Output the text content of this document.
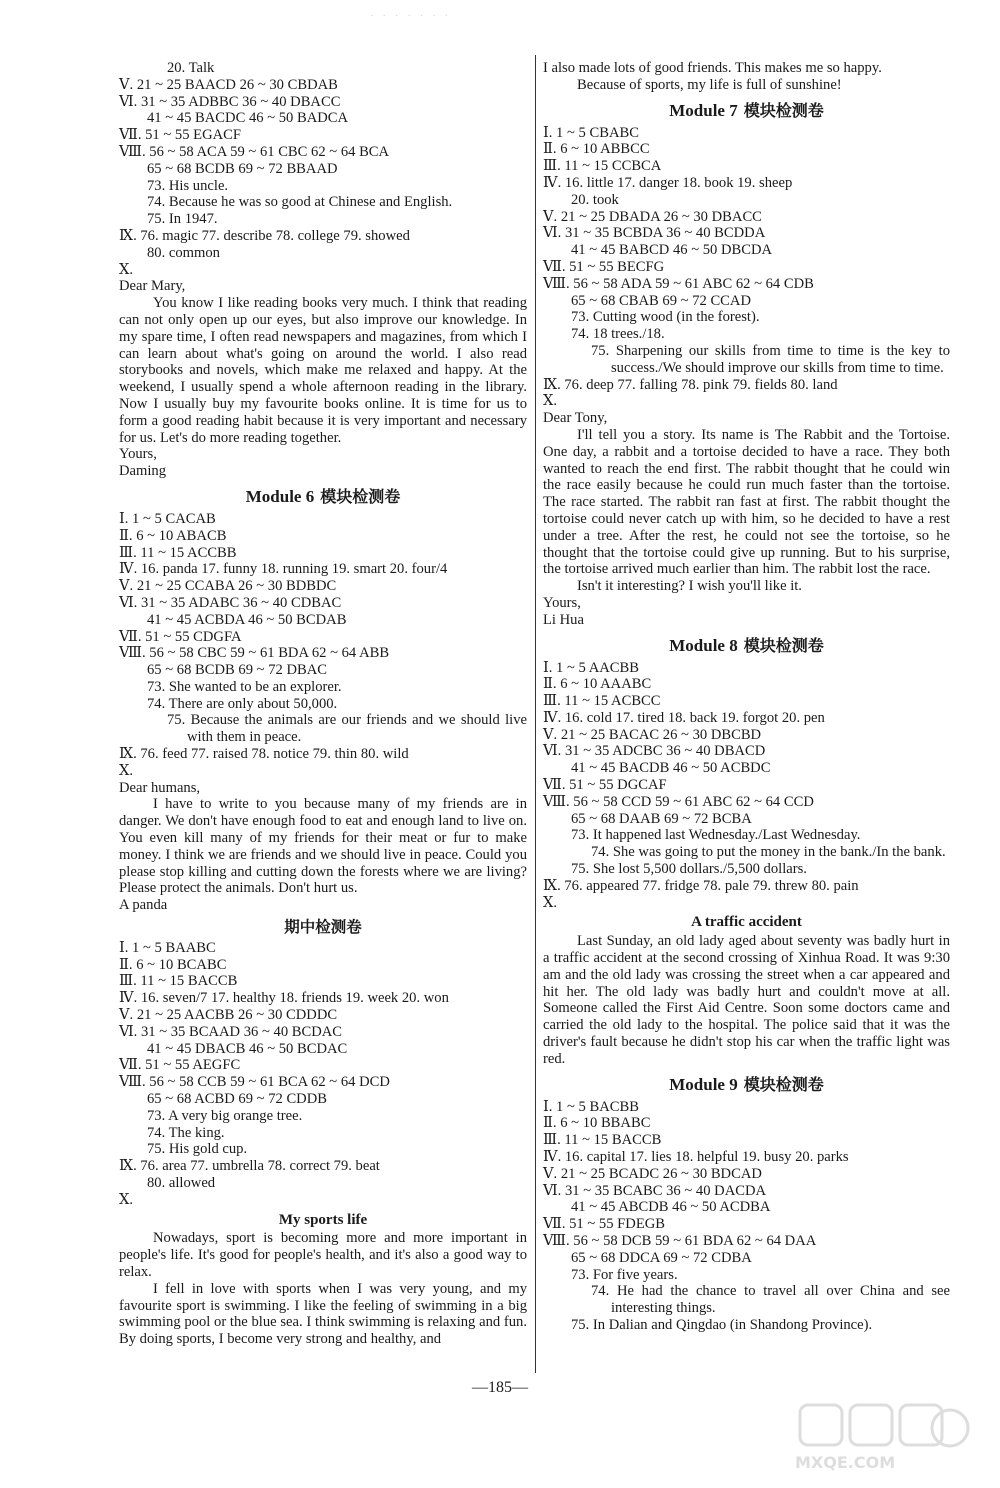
· · · · · · ·
20. Talk
Ⅴ. 21 ~ 25 BAACD 26 ~ 30 CBDAB
Ⅵ. 31 ~ 35 ADBBC 36 ~ 40 DBACC
41 ~ 45 BACDC 46 ~ 50 BADCA
Ⅶ. 51 ~ 55 EGACF
Ⅷ. 56 ~ 58 ACA 59 ~ 61 CBC 62 ~ 64 BCA
65 ~ 68 BCDB 69 ~ 72 BBAAD
73. His uncle.
74. Because he was so good at Chinese and English.
75. In 1947.
Ⅸ. 76. magic 77. describe 78. college 79. showed
80. common
Ⅹ.
Dear Mary,
You know I like reading books very much. I think that reading can not only open up our eyes, but also improve our knowledge. In my spare time, I often read newspapers and magazines, from which I can learn about what's going on around the world. I also read storybooks and novels, which make me relaxed and happy. At the weekend, I usually spend a whole afternoon reading in the library. Now I usually buy my favourite books online. It is time for us to form a good reading habit because it is very important and necessary for us. Let's do more reading together.
Yours,
Daming
Module 6 模块检测卷
Ⅰ. 1 ~ 5 CACAB
Ⅱ. 6 ~ 10 ABACB
Ⅲ. 11 ~ 15 ACCBB
Ⅳ. 16. panda 17. funny 18. running 19. smart 20. four/4
Ⅴ. 21 ~ 25 CCABA 26 ~ 30 BDBDC
Ⅵ. 31 ~ 35 ADABC 36 ~ 40 CDBAC
41 ~ 45 ACBDA 46 ~ 50 BCDAB
Ⅶ. 51 ~ 55 CDGFA
Ⅷ. 56 ~ 58 CBC 59 ~ 61 BDA 62 ~ 64 ABB
65 ~ 68 BCDB 69 ~ 72 DBAC
73. She wanted to be an explorer.
74. There are only about 50,000.
75. Because the animals are our friends and we should live with them in peace.
Ⅸ. 76. feed 77. raised 78. notice 79. thin 80. wild
Ⅹ.
Dear humans,
I have to write to you because many of my friends are in danger. We don't have enough food to eat and enough land to live on. You even kill many of my friends for their meat or fur to make money. I think we are friends and we should live in peace. Could you please stop killing and cutting down the forests where we are living? Please protect the animals. Don't hurt us.
A panda
期中检测卷
Ⅰ. 1 ~ 5 BAABC
Ⅱ. 6 ~ 10 BCABC
Ⅲ. 11 ~ 15 BACCB
Ⅳ. 16. seven/7 17. healthy 18. friends 19. week 20. won
Ⅴ. 21 ~ 25 AACBB 26 ~ 30 CDDDC
Ⅵ. 31 ~ 35 BCAAD 36 ~ 40 BCDAC
41 ~ 45 DBACB 46 ~ 50 BCDAC
Ⅶ. 51 ~ 55 AEGFC
Ⅷ. 56 ~ 58 CCB 59 ~ 61 BCA 62 ~ 64 DCD
65 ~ 68 ACBD 69 ~ 72 CDDB
73. A very big orange tree.
74. The king.
75. His gold cup.
Ⅸ. 76. area 77. umbrella 78. correct 79. beat
80. allowed
Ⅹ.
My sports life
Nowadays, sport is becoming more and more important in people's life. It's good for people's health, and it's also a good way to relax.
I fell in love with sports when I was very young, and my favourite sport is swimming. I like the feeling of swimming in a big swimming pool or the blue sea. I think swimming is relaxing and fun. By doing sports, I become very strong and healthy, and
I also made lots of good friends. This makes me so happy.
Because of sports, my life is full of sunshine!
Module 7 模块检测卷
Ⅰ. 1 ~ 5 CBABC
Ⅱ. 6 ~ 10 ABBCC
Ⅲ. 11 ~ 15 CCBCA
Ⅳ. 16. little 17. danger 18. book 19. sheep
20. took
Ⅴ. 21 ~ 25 DBADA 26 ~ 30 DBACC
Ⅵ. 31 ~ 35 BCBDA 36 ~ 40 BCDDA
41 ~ 45 BABCD 46 ~ 50 DBCDA
Ⅶ. 51 ~ 55 BECFG
Ⅷ. 56 ~ 58 ADA 59 ~ 61 ABC 62 ~ 64 CDB
65 ~ 68 CBAB 69 ~ 72 CCAD
73. Cutting wood (in the forest).
74. 18 trees./18.
75. Sharpening our skills from time to time is the key to success./We should improve our skills from time to time.
Ⅸ. 76. deep 77. falling 78. pink 79. fields 80. land
Ⅹ.
Dear Tony,
I'll tell you a story. Its name is The Rabbit and the Tortoise. One day, a rabbit and a tortoise decided to have a race. They both wanted to reach the end first. The rabbit thought that he could win the race easily because he could run much faster than the tortoise. The race started. The rabbit ran fast at first. The rabbit thought the tortoise could never catch up with him, so he decided to have a rest under a tree. After the rest, he could not see the tortoise, so he thought that the tortoise could give up running. But to his surprise, the tortoise arrived much earlier than him. The rabbit lost the race.
Isn't it interesting? I wish you'll like it.
Yours,
Li Hua
Module 8 模块检测卷
Ⅰ. 1 ~ 5 AACBB
Ⅱ. 6 ~ 10 AAABC
Ⅲ. 11 ~ 15 ACBCC
Ⅳ. 16. cold 17. tired 18. back 19. forgot 20. pen
Ⅴ. 21 ~ 25 BACAC 26 ~ 30 DBCBD
Ⅵ. 31 ~ 35 ADCBC 36 ~ 40 DBACD
41 ~ 45 BACDB 46 ~ 50 ACBDC
Ⅶ. 51 ~ 55 DGCAF
Ⅷ. 56 ~ 58 CCD 59 ~ 61 ABC 62 ~ 64 CCD
65 ~ 68 DAAB 69 ~ 72 BCBA
73. It happened last Wednesday./Last Wednesday.
74. She was going to put the money in the bank./In the bank.
75. She lost 5,500 dollars./5,500 dollars.
Ⅸ. 76. appeared 77. fridge 78. pale 79. threw 80. pain
Ⅹ.
A traffic accident
Last Sunday, an old lady aged about seventy was badly hurt in a traffic accident at the second crossing of Xinhua Road. It was 9:30 am and the old lady was crossing the street when a car appeared and hit her. The old lady was badly hurt and couldn't move at all. Someone called the First Aid Centre. Soon some doctors came and carried the old lady to the hospital. The police said that it was the driver's fault because he didn't stop his car when the traffic light was red.
Module 9 模块检测卷
Ⅰ. 1 ~ 5 BACBB
Ⅱ. 6 ~ 10 BBABC
Ⅲ. 11 ~ 15 BACCB
Ⅳ. 16. capital 17. lies 18. helpful 19. busy 20. parks
Ⅴ. 21 ~ 25 BCADC 26 ~ 30 BDCAD
Ⅵ. 31 ~ 35 BCABC 36 ~ 40 DACDA
41 ~ 45 ABCDB 46 ~ 50 ACDBA
Ⅶ. 51 ~ 55 FDEGB
Ⅷ. 56 ~ 58 DCB 59 ~ 61 BDA 62 ~ 64 DAA
65 ~ 68 DDCA 69 ~ 72 CDBA
73. For five years.
74. He had the chance to travel all over China and see interesting things.
75. In Dalian and Qingdao (in Shandong Province).
—185—
MXQE.COM
